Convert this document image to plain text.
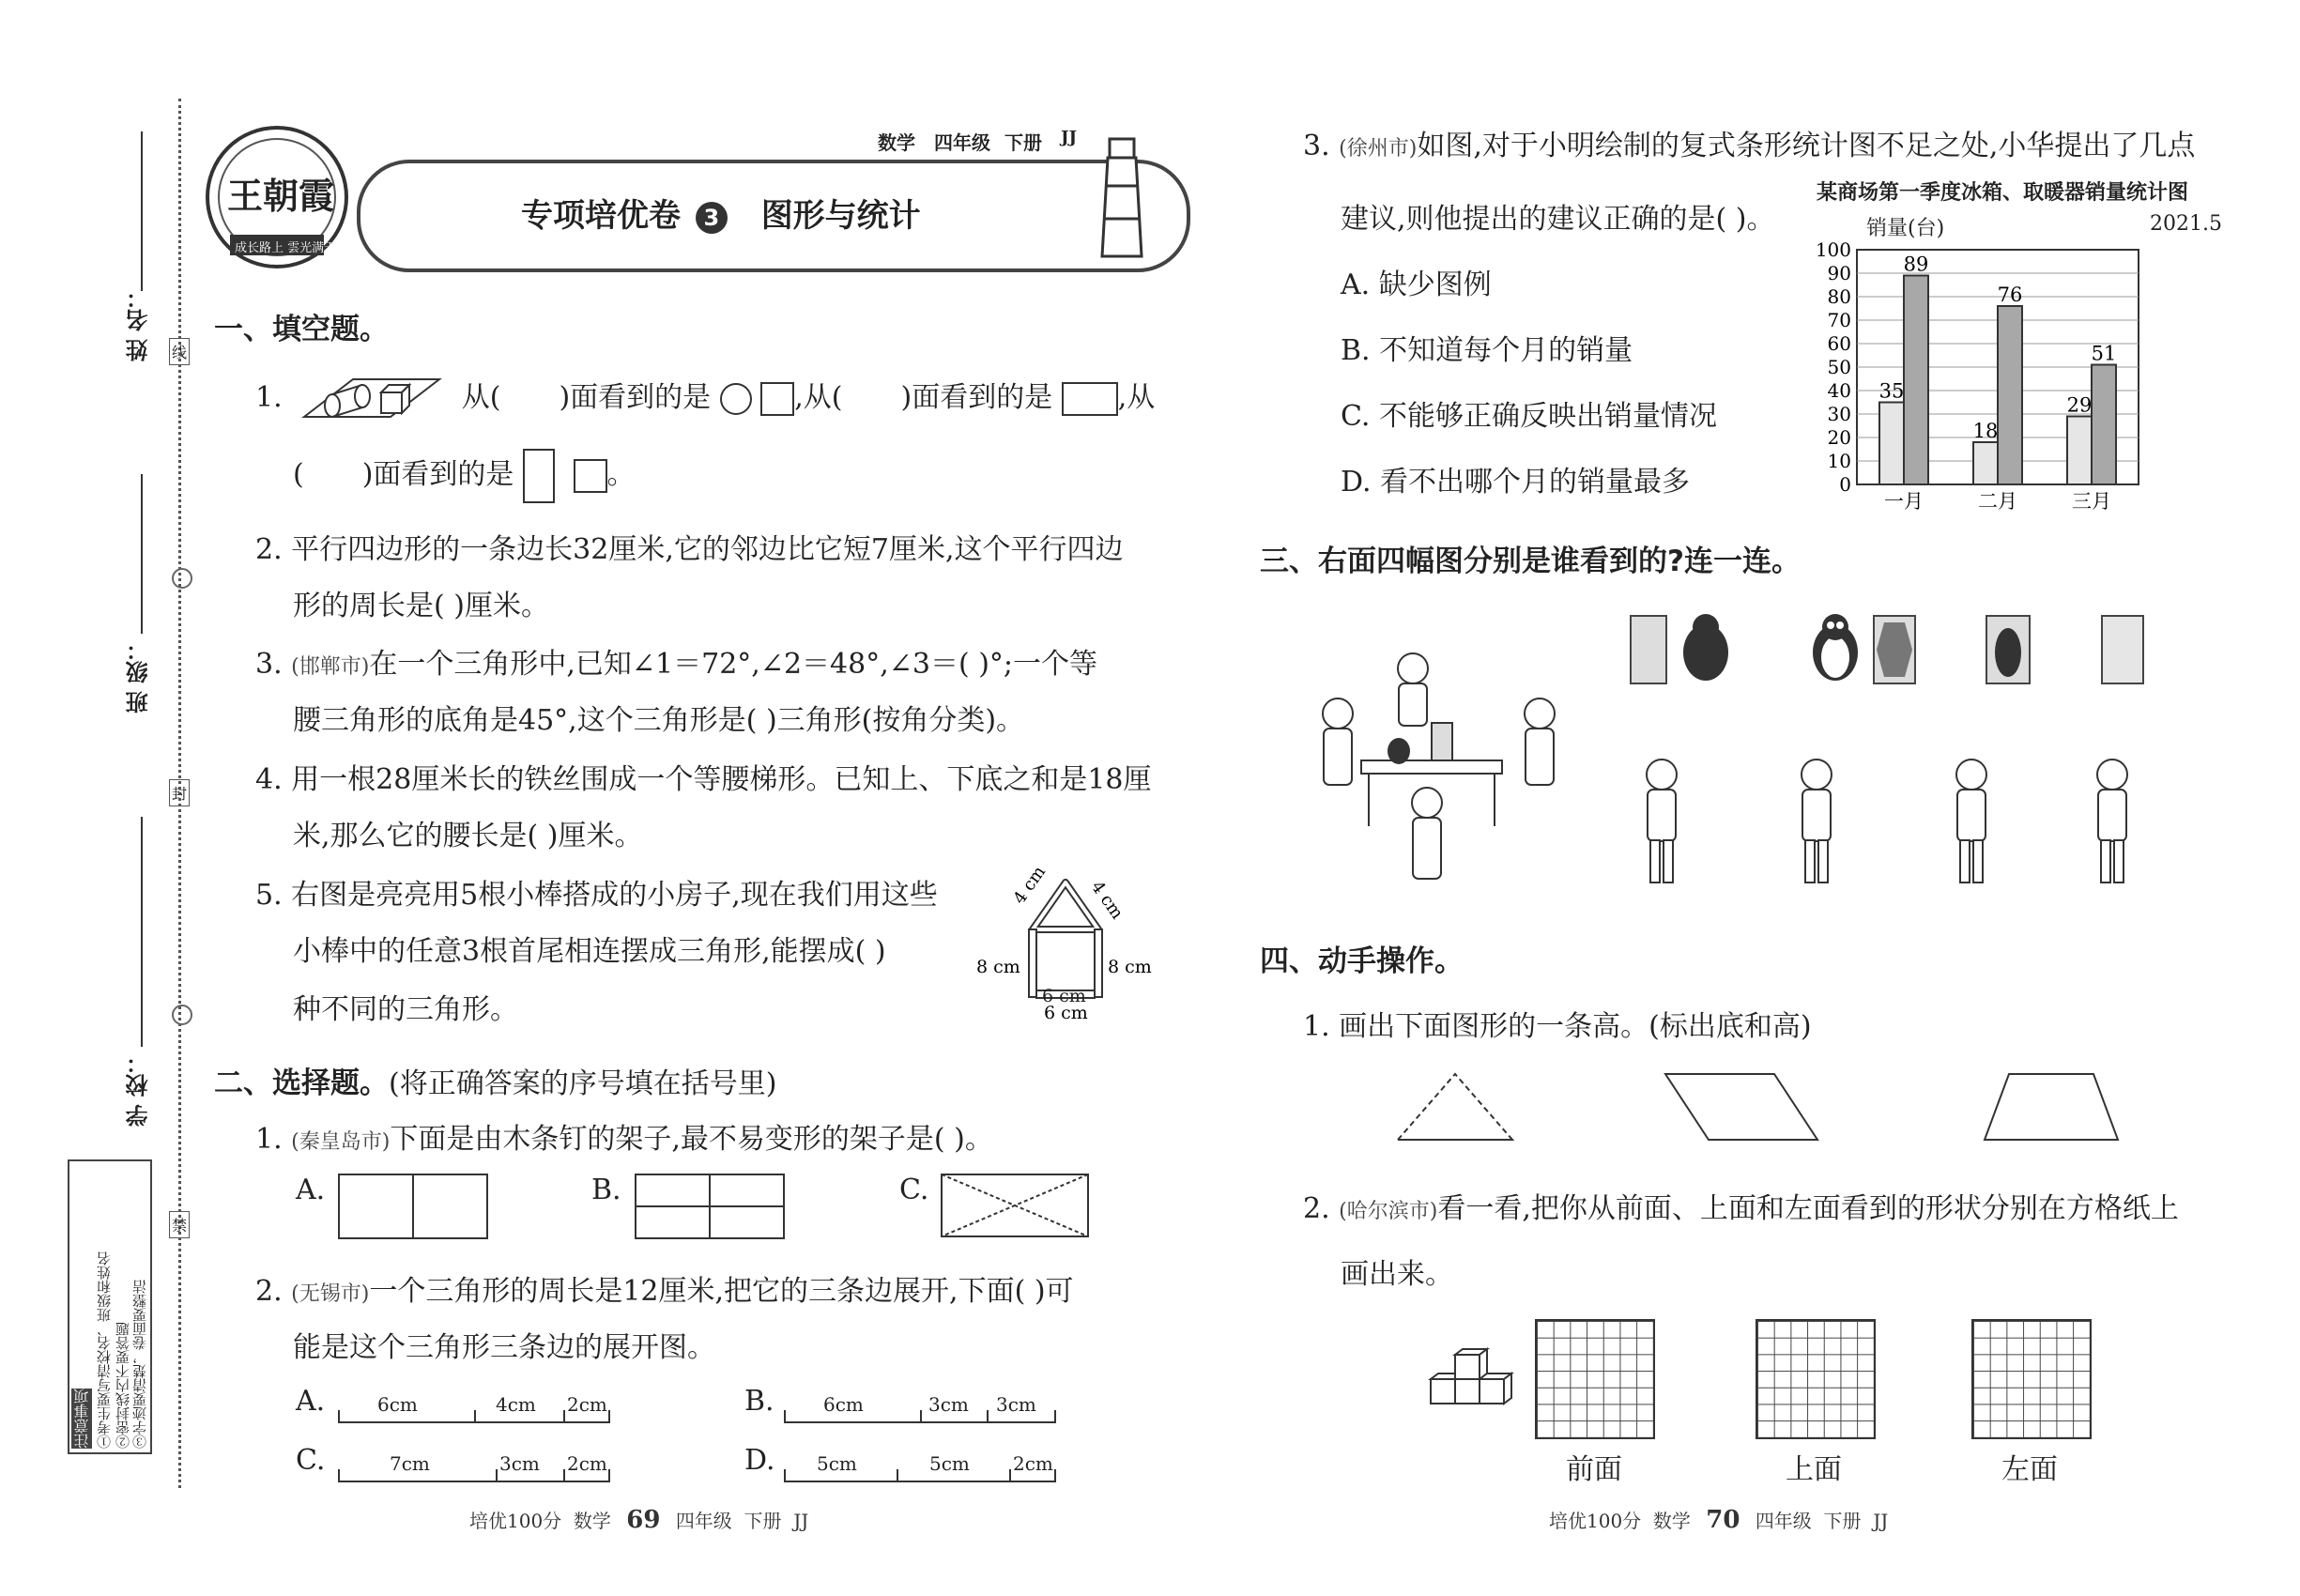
姓 名：
班 级：
学 校：
线
封
禁
注意事项 ①考生要写清校名、班级和姓名 ②密封线内不要答题 ③字迹要清楚，卷面要整洁
王朝霞
成长路上 雲光满天
数学 四年级 下册 JJ
专项培优卷 3 图形与统计
一、填空题。
1.	从( )面看到的是	,从( )面看到的是 ,从
( )面看到的是	。
2. 平行四边形的一条边长32厘米,它的邻边比它短7厘米,这个平行四边
形的周长是( )厘米。
3. (邯郸市)在一个三角形中,已知∠1＝72°,∠2＝48°,∠3＝( )°;一个等
腰三角形的底角是45°,这个三角形是( )三角形(按角分类)。
4. 用一根28厘米长的铁丝围成一个等腰梯形。已知上、下底之和是18厘
米,那么它的腰长是( )厘米。
5. 右图是亮亮用5根小棒搭成的小房子,现在我们用这些
小棒中的任意3根首尾相连摆成三角形,能摆成( )
种不同的三角形。
4 cm 4 cm
8 cm	8 cm
6 cm
6 cm
二、选择题。(将正确答案的序号填在括号里)
1. (秦皇岛市)下面是由木条钉的架子,最不易变形的架子是( )。
A.	B.	C.
2. (无锡市)一个三角形的周长是12厘米,把它的三条边展开,下面( )可
能是这个三角形三条边的展开图。
A.	6cm	4cm 2cm	B.	6cm	3cm 3cm
C.	7cm	3cm 2cm	D. 5cm	5cm 2cm
培优100分 数学 69 四年级 下册 JJ
3. (徐州市)如图,对于小明绘制的复式条形统计图不足之处,小华提出了几点
建议,则他提出的建议正确的是( )。
A. 缺少图例
B. 不知道每个月的销量
C. 不能够正确反映出销量情况
D. 看不出哪个月的销量最多
某商场第一季度冰箱、取暖器销量统计图
销量(台)	2021.5
0
10
20
30
40
50
60
70
80
90
100
35
89
一月
18
76
二月
29
51
三月
三、右面四幅图分别是谁看到的?连一连。
四、动手操作。
1. 画出下面图形的一条高。(标出底和高)
2. (哈尔滨市)看一看,把你从前面、上面和左面看到的形状分别在方格纸上
画出来。
前面	上面	左面
培优100分 数学 70 四年级 下册 JJ
